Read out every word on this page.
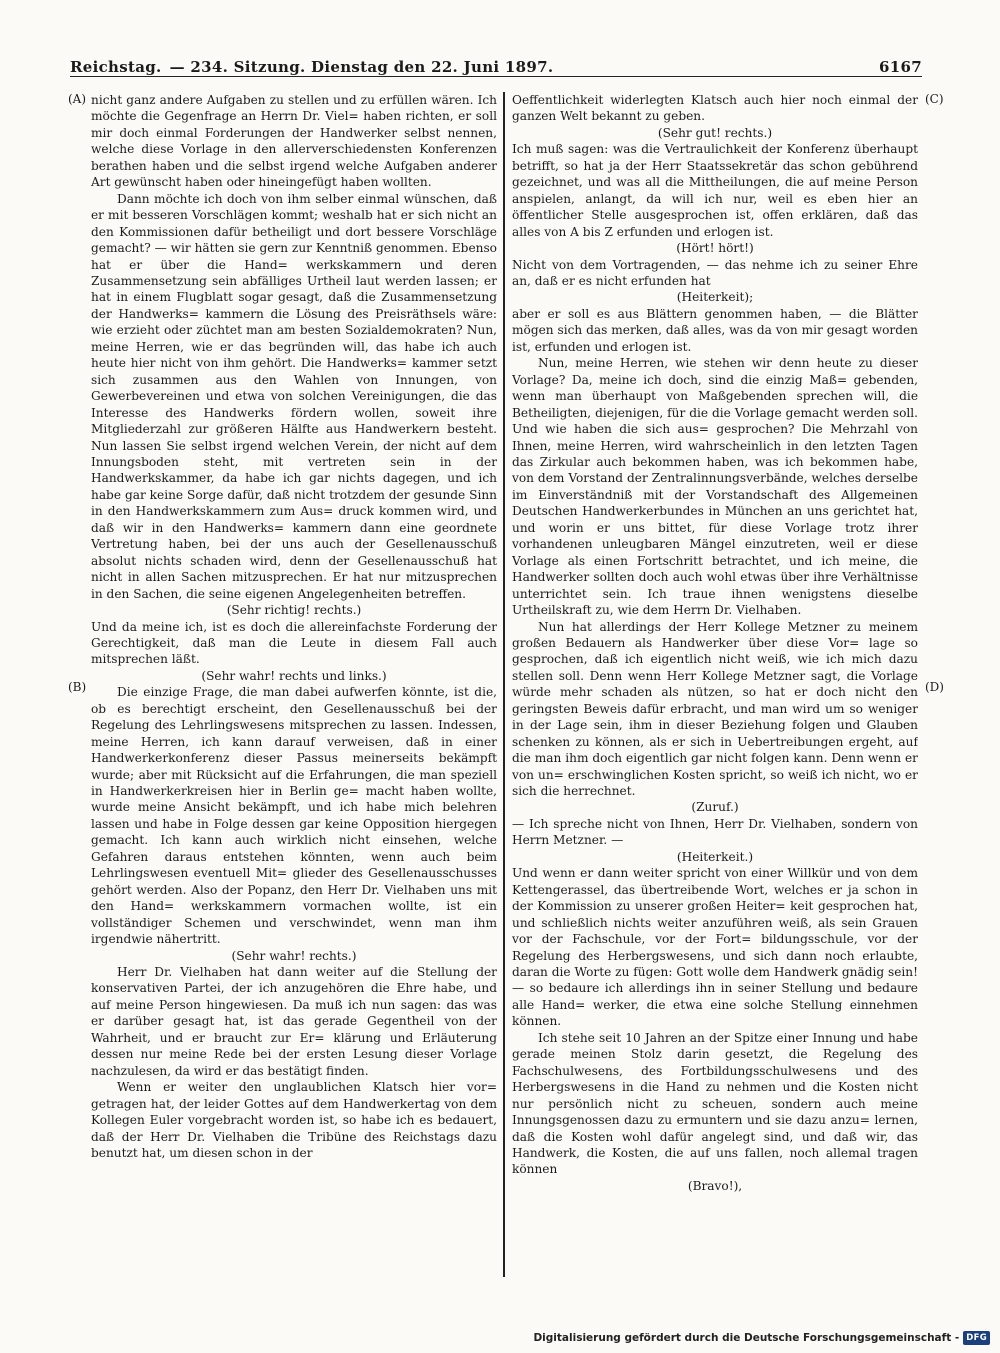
Reichstag. — 234. Sitzung. Dienstag den 22. Juni 1897.	6167
(A)
(B)
(C)
(D)

nicht ganz andere Aufgaben zu stellen und zu erfüllen wären. Ich möchte die Gegenfrage an Herrn Dr. Viel= haben richten, er soll mir doch einmal Forderungen der Handwerker selbst nennen, welche diese Vorlage in den allerverschiedensten Konferenzen berathen haben und die selbst irgend welche Aufgaben anderer Art gewünscht haben oder hineingefügt haben wollten.

Dann möchte ich doch von ihm selber einmal wünschen, daß er mit besseren Vorschlägen kommt; weshalb hat er sich nicht an den Kommissionen dafür betheiligt und dort bessere Vorschläge gemacht? — wir hätten sie gern zur Kenntniß genommen. Ebenso hat er über die Hand= werkskammern und deren Zusammensetzung sein abfälliges Urtheil laut werden lassen; er hat in einem Flugblatt sogar gesagt, daß die Zusammensetzung der Handwerks= kammern die Lösung des Preisräthsels wäre: wie erzieht oder züchtet man am besten Sozialdemokraten? Nun, meine Herren, wie er das begründen will, das habe ich auch heute hier nicht von ihm gehört. Die Handwerks= kammer setzt sich zusammen aus den Wahlen von Innungen, von Gewerbevereinen und etwa von solchen Vereinigungen, die das Interesse des Handwerks fördern wollen, soweit ihre Mitgliederzahl zur größeren Hälfte aus Handwerkern besteht. Nun lassen Sie selbst irgend welchen Verein, der nicht auf dem Innungsboden steht, mit vertreten sein in der Handwerkskammer, da habe ich gar nichts dagegen, und ich habe gar keine Sorge dafür, daß nicht trotzdem der gesunde Sinn in den Handwerkskammern zum Aus= druck kommen wird, und daß wir in den Handwerks= kammern dann eine geordnete Vertretung haben, bei der uns auch der Gesellenausschuß absolut nichts schaden wird, denn der Gesellenausschuß hat nicht in allen Sachen mitzusprechen. Er hat nur mitzusprechen in den Sachen, die seine eigenen Angelegenheiten betreffen.

(Sehr richtig! rechts.)

Und da meine ich, ist es doch die allereinfachste Forderung der Gerechtigkeit, daß man die Leute in diesem Fall auch mitsprechen läßt.

(Sehr wahr! rechts und links.)

Die einzige Frage, die man dabei aufwerfen könnte, ist die, ob es berechtigt erscheint, den Gesellenausschuß bei der Regelung des Lehrlingswesens mitsprechen zu lassen. Indessen, meine Herren, ich kann darauf verweisen, daß in einer Handwerkerkonferenz dieser Passus meinerseits bekämpft wurde; aber mit Rücksicht auf die Erfahrungen, die man speziell in Handwerkerkreisen hier in Berlin ge= macht haben wollte, wurde meine Ansicht bekämpft, und ich habe mich belehren lassen und habe in Folge dessen gar keine Opposition hiergegen gemacht. Ich kann auch wirklich nicht einsehen, welche Gefahren daraus entstehen könnten, wenn auch beim Lehrlingswesen eventuell Mit= glieder des Gesellenausschusses gehört werden. Also der Popanz, den Herr Dr. Vielhaben uns mit den Hand= werkskammern vormachen wollte, ist ein vollständiger Schemen und verschwindet, wenn man ihm irgendwie nähertritt.

(Sehr wahr! rechts.)

Herr Dr. Vielhaben hat dann weiter auf die Stellung der konservativen Partei, der ich anzugehören die Ehre habe, und auf meine Person hingewiesen. Da muß ich nun sagen: das was er darüber gesagt hat, ist das gerade Gegentheil von der Wahrheit, und er braucht zur Er= klärung und Erläuterung dessen nur meine Rede bei der ersten Lesung dieser Vorlage nachzulesen, da wird er das bestätigt finden.

Wenn er weiter den unglaublichen Klatsch hier vor= getragen hat, der leider Gottes auf dem Handwerkertag von dem Kollegen Euler vorgebracht worden ist, so habe ich es bedauert, daß der Herr Dr. Vielhaben die Tribüne des Reichstags dazu benutzt hat, um diesen schon in der

Oeffentlichkeit widerlegten Klatsch auch hier noch einmal der ganzen Welt bekannt zu geben.

(Sehr gut! rechts.)

Ich muß sagen: was die Vertraulichkeit der Konferenz überhaupt betrifft, so hat ja der Herr Staatssekretär das schon gebührend gezeichnet, und was all die Mittheilungen, die auf meine Person anspielen, anlangt, da will ich nur, weil es eben hier an öffentlicher Stelle ausgesprochen ist, offen erklären, daß das alles von A bis Z erfunden und erlogen ist.

(Hört! hört!)

Nicht von dem Vortragenden, — das nehme ich zu seiner Ehre an, daß er es nicht erfunden hat

(Heiterkeit);

aber er soll es aus Blättern genommen haben, — die Blätter mögen sich das merken, daß alles, was da von mir gesagt worden ist, erfunden und erlogen ist.

Nun, meine Herren, wie stehen wir denn heute zu dieser Vorlage? Da, meine ich doch, sind die einzig Maß= gebenden, wenn man überhaupt von Maßgebenden sprechen will, die Betheiligten, diejenigen, für die die Vorlage gemacht werden soll. Und wie haben die sich aus= gesprochen? Die Mehrzahl von Ihnen, meine Herren, wird wahrscheinlich in den letzten Tagen das Zirkular auch bekommen haben, was ich bekommen habe, von dem Vorstand der Zentralinnungsverbände, welches derselbe im Einverständniß mit der Vorstandschaft des Allgemeinen Deutschen Handwerkerbundes in München an uns gerichtet hat, und worin er uns bittet, für diese Vorlage trotz ihrer vorhandenen unleugbaren Mängel einzutreten, weil er diese Vorlage als einen Fortschritt betrachtet, und ich meine, die Handwerker sollten doch auch wohl etwas über ihre Verhältnisse unterrichtet sein. Ich traue ihnen wenigstens dieselbe Urtheilskraft zu, wie dem Herrn Dr. Vielhaben.

Nun hat allerdings der Herr Kollege Metzner zu meinem großen Bedauern als Handwerker über diese Vor= lage so gesprochen, daß ich eigentlich nicht weiß, wie ich mich dazu stellen soll. Denn wenn Herr Kollege Metzner sagt, die Vorlage würde mehr schaden als nützen, so hat er doch nicht den geringsten Beweis dafür erbracht, und man wird um so weniger in der Lage sein, ihm in dieser Beziehung folgen und Glauben schenken zu können, als er sich in Uebertreibungen ergeht, auf die man ihm doch eigentlich gar nicht folgen kann. Denn wenn er von un= erschwinglichen Kosten spricht, so weiß ich nicht, wo er sich die herrechnet.

(Zuruf.)

— Ich spreche nicht von Ihnen, Herr Dr. Vielhaben, sondern von Herrn Metzner. —

(Heiterkeit.)

Und wenn er dann weiter spricht von einer Willkür und von dem Kettengerassel, das übertreibende Wort, welches er ja schon in der Kommission zu unserer großen Heiter= keit gesprochen hat, und schließlich nichts weiter anzuführen weiß, als sein Grauen vor der Fachschule, vor der Fort= bildungsschule, vor der Regelung des Herbergswesens, und sich dann noch erlaubte, daran die Worte zu fügen: Gott wolle dem Handwerk gnädig sein! — so bedaure ich allerdings ihn in seiner Stellung und bedaure alle Hand= werker, die etwa eine solche Stellung einnehmen können.

Ich stehe seit 10 Jahren an der Spitze einer Innung und habe gerade meinen Stolz darin gesetzt, die Regelung des Fachschulwesens, des Fortbildungsschulwesens und des Herbergswesens in die Hand zu nehmen und die Kosten nicht nur persönlich nicht zu scheuen, sondern auch meine Innungsgenossen dazu zu ermuntern und sie dazu anzu= lernen, daß die Kosten wohl dafür angelegt sind, und daß wir, das Handwerk, die Kosten, die auf uns fallen, noch allemal tragen können

(Bravo!),

Digitalisierung gefördert durch die Deutsche Forschungsgemeinschaft - DFG
